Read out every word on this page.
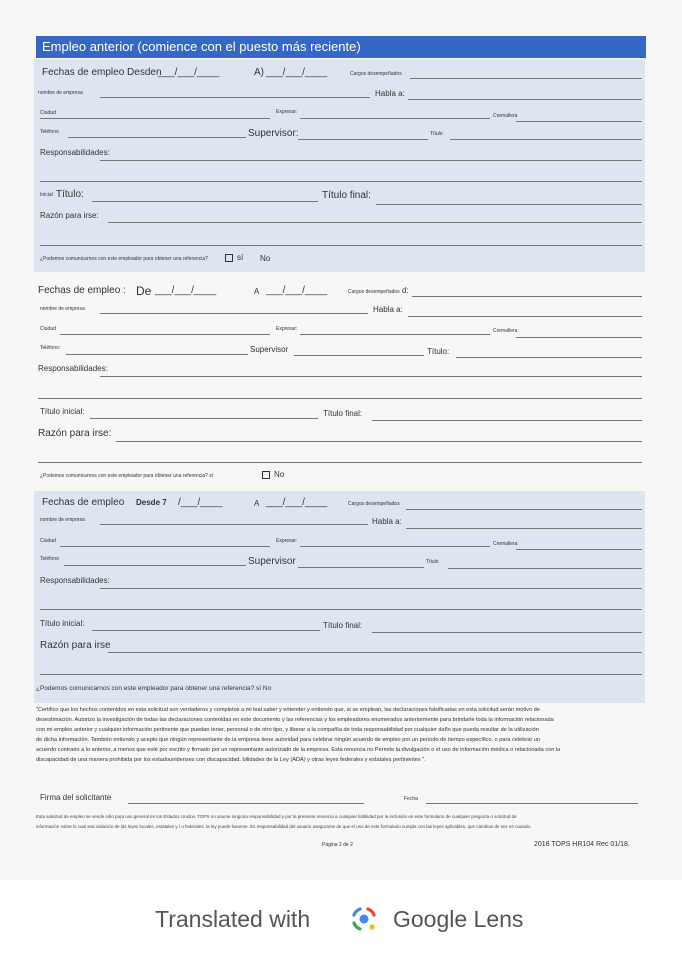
Empleo anterior (comience con el puesto más reciente)
Fechas de empleo Desden
___/___/____	A) ___/___/____	Cargos desempeñados
nombre de empresa	Habla a:
Ciudad	Expresar:
Cremallera
Teléfono	Supervisor:	Título
Responsabilidades:
Inicial Título:	Título final:
Razón para irse:
¿Podemos comunicarnos con este empleador para obtener una referencia?	sí No
Fechas de empleo : De ___/___/____	A ___/___/____	Cargos desempeñados d:
nombre de empresa	Habla a:
Ciudad	Expresar:	Cremallera
Teléfono:	Supervisor	Título:
Responsabilidades:
Título inicial:	Título final:
Razón para irse:
¿Podemos comunicarnos con este empleador para obtener una referencia? sí	No
Fechas de empleo Desde 7 /___/____	A ___/___/____	Cargos desempeñados
nombre de empresa	Habla a:
Ciudad	Expresar:	Cremallera
Teléfono	Supervisor	Título
Responsabilidades:
Título inicial:	Título final:
Razón para irse
¿Podemos comunicarnos con este empleador para obtener una referencia? sí No
"Certifico que los hechos contenidos en esta solicitud son verdaderos y completos a mi leal saber y entender y entiendo que, si se emplean, las declaraciones falsificadas en esta solicitud serán motivo de
desestimación. Autorizo la investigación de todas las declaraciones contenidas en este documento y las referencias y los empleadores enumerados anteriormente para brindarle toda la información relacionada
con mi empleo anterior y cualquier información pertinente que puedan tener, personal o de otro tipo, y liberar a la compañía de toda responsabilidad por cualquier daño que pueda resultar de la utilización
de dicha información. También entiendo y acepto que ningún representante de la empresa tiene autoridad para celebrar ningún acuerdo de empleo por un período de tiempo específico, o para celebrar un
acuerdo contrario a lo anterior, a menos que esté por escrito y firmado por un representante autorizado de la empresa. Esta renuncia no Permite la divulgación o el uso de información médica o relacionada con la
discapacidad de una manera prohibida por los estadounidenses con discapacidad. bilidades de la Ley (ADA) y otras leyes federales y estatales pertinentes ".
Firma del solicitante	Fecha
Esta solicitud de empleo se vende sólo para uso general en los Estados Unidos. TOPS no asume ninguna responsabilidad y por la presente renuncia a cualquier liabilidad por la inclusión en este formulario de cualquier pregunta o solicitud de
información sobre lo cual sea violación de las leyes locales, estatales y / o federales. la ley puede hacerse. Es responsabilidad del usuario asegurarse de que el uso de este formulario cumpla con las leyes aplicables, que cambian de vez en cuando.
Página 2 de 2	2018 TOPS HR104 Rec 01/18.
Translated with	Google Lens
